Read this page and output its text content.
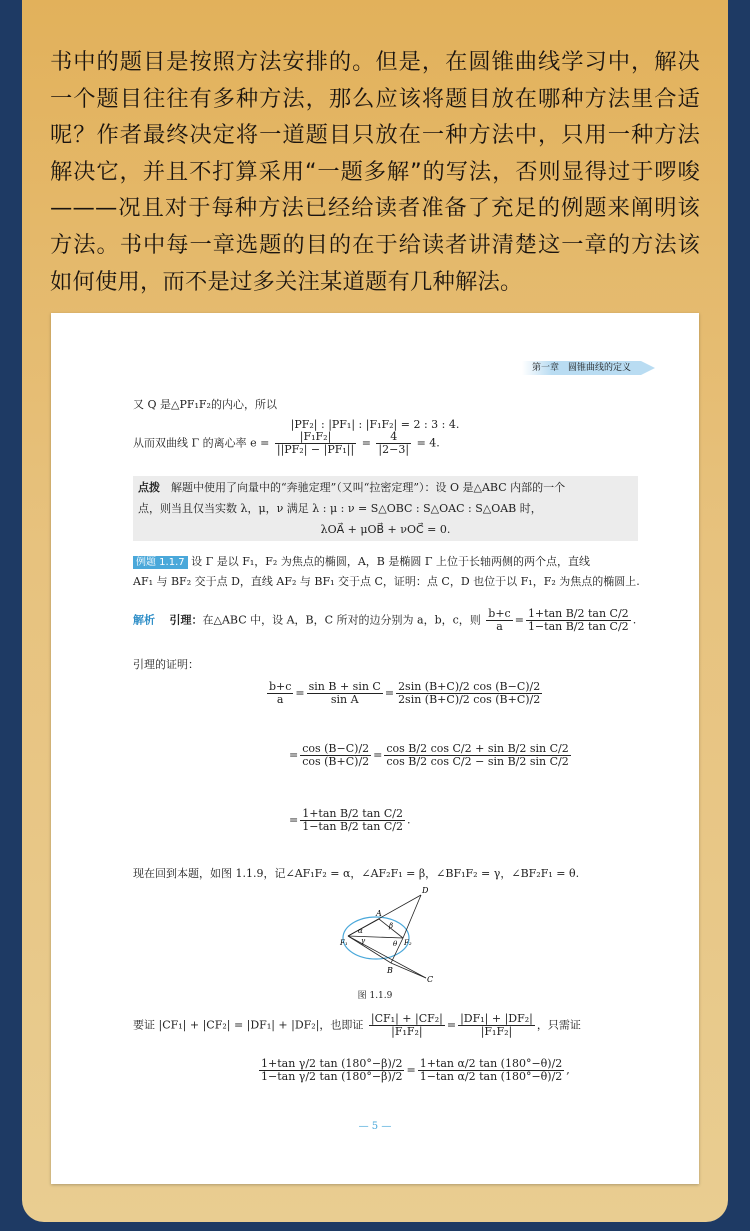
书中的题目是按照方法安排的。但是，在圆锥曲线学习中，解决一个题目往往有多种方法，那么应该将题目放在哪种方法里合适呢？作者最终决定将一道题目只放在一种方法中，只用一种方法解决它，并且不打算采用“一题多解”的写法，否则显得过于啰唆———况且对于每种方法已经给读者准备了充足的例题来阐明该方法。书中每一章选题的目的在于给读者讲清楚这一章的方法该如何使用，而不是过多关注某道题有几种解法。
第一章　圆锥曲线的定义
又 Q 是△PF₁F₂的内心，所以
|PF₂| : |PF₁| : |F₁F₂| = 2 : 3 : 4.
从而双曲线 Γ 的离心率 $e = \frac{\text{|F₁F₂|}}{\text{||PF₂| − |PF₁||}} = \frac{4}{|2-3|} = 4$.
点拨　 解题中使用了向量中的“奔驰定理”（又叫“拉密定理”）：设 O 是△ABC 内部的一个
点，则当且仅当实数 λ，μ，ν 满足 λ : μ : ν = S△OBC : S△OAC : S△OAB 时，
λOA⃗ + μOB⃗ + νOC⃗ = 0.
例题 1.1.7 设 Γ 是以 F₁，F₂ 为焦点的椭圆，A，B 是椭圆 Γ 上位于长轴两侧的两个点，直线
AF₁ 与 BF₂ 交于点 D，直线 AF₂ 与 BF₁ 交于点 C，证明：点 C，D 也位于以 F₁，F₂ 为焦点的椭圆上.
解析　 引理：在△ABC 中，设 A，B，C 所对的边分别为 a，b，c，则 $\frac{b+c}{a} = \frac{\text{1+tan B/2 tan C/2}}{\text{1−tan B/2 tan C/2}}$ .
引理的证明：
$\frac{b+c}{a} = \frac{\text{sin B + sin C}}{\text{sin A}} = \frac{2\sin (B+C)/2 \cos (B-C)/2}{2\sin (B+C)/2 \cos (B+C)/2}$
= $\frac{\cos (B-C)/2}{\cos (B+C)/2} = \frac{\text{cos B/2 cos C/2 + sin B/2 sin C/2}}{\text{cos B/2 cos C/2 − sin B/2 sin C/2}}$
= $\frac{\text{1+tan B/2 tan C/2}}{\text{1−tan B/2 tan C/2}}$ .
现在回到本题，如图 1.1.9，记∠AF₁F₂ = α，∠AF₂F₁ = β，∠BF₁F₂ = γ，∠BF₂F₁ = θ.
D
A
B
C
F₁	F₂
α
β
γ	θ
图 1.1.9
要证 |CF₁| + |CF₂| = |DF₁| + |DF₂|，也即证 $\frac{\text{|CF₁| + |CF₂|}}{\text{|F₁F₂|}} = \frac{\text{|DF₁| + |DF₂|}}{\text{|F₁F₂|}}$ ，只需证
$\frac{\text{1+tan γ/2 tan (180°−β)/2}}{\text{1−tan γ/2 tan (180°−β)/2}} = \frac{\text{1+tan α/2 tan (180°−θ)/2}}{\text{1−tan α/2 tan (180°−θ)/2}}$ ,
— 5 —
